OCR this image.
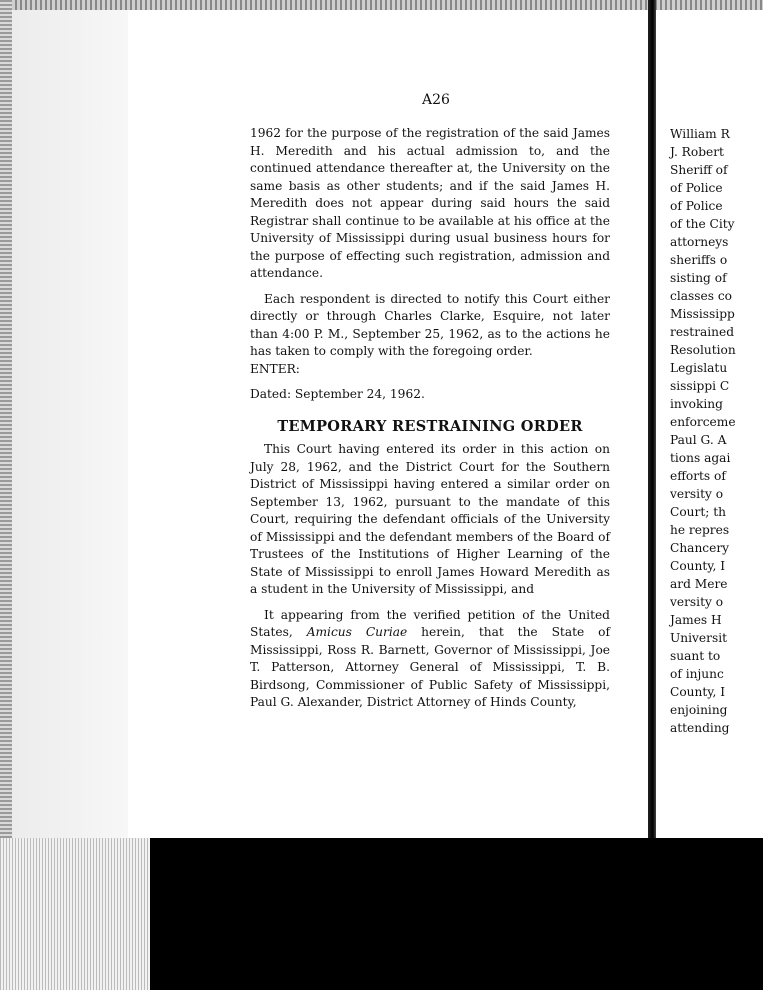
A26

1962 for the purpose of the registration of the said James H. Meredith and his actual admission to, and the continued attendance thereafter at, the University on the same basis as other students; and if the said James H. Meredith does not appear during said hours the said Registrar shall continue to be available at his office at the University of Mississippi during usual business hours for the purpose of effecting such registration, admission and attendance.

Each respondent is directed to notify this Court either directly or through Charles Clarke, Esquire, not later than 4:00 P. M., September 25, 1962, as to the actions he has taken to comply with the foregoing order.

ENTER:

Dated: September 24, 1962.

TEMPORARY RESTRAINING ORDER

This Court having entered its order in this action on July 28, 1962, and the District Court for the Southern District of Mississippi having entered a similar order on September 13, 1962, pursuant to the mandate of this Court, requiring the defendant officials of the University of Mississippi and the defendant members of the Board of Trustees of the Institutions of Higher Learning of the State of Mississippi to enroll James Howard Meredith as a student in the University of Mississippi, and

It appearing from the verified petition of the United States, Amicus Curiae herein, that the State of Mississippi, Ross R. Barnett, Governor of Mississippi, Joe T. Patterson, Attorney General of Mississippi, T. B. Birdsong, Commissioner of Public Safety of Mississippi, Paul G. Alexander, District Attorney of Hinds County,

William R
J. Robert
Sheriff of
of Police
of Police
of the City
attorneys
sheriffs o
sisting of
classes co
Mississipp
restrained
Resolution
Legislatu
sissippi C
invoking
enforceme
Paul G. A
tions agai
efforts of
versity o
Court; th
he repres
Chancery
County, I
ard Mere
versity o
James H
Universit
suant to
of injunc
County, I
enjoining
attending
